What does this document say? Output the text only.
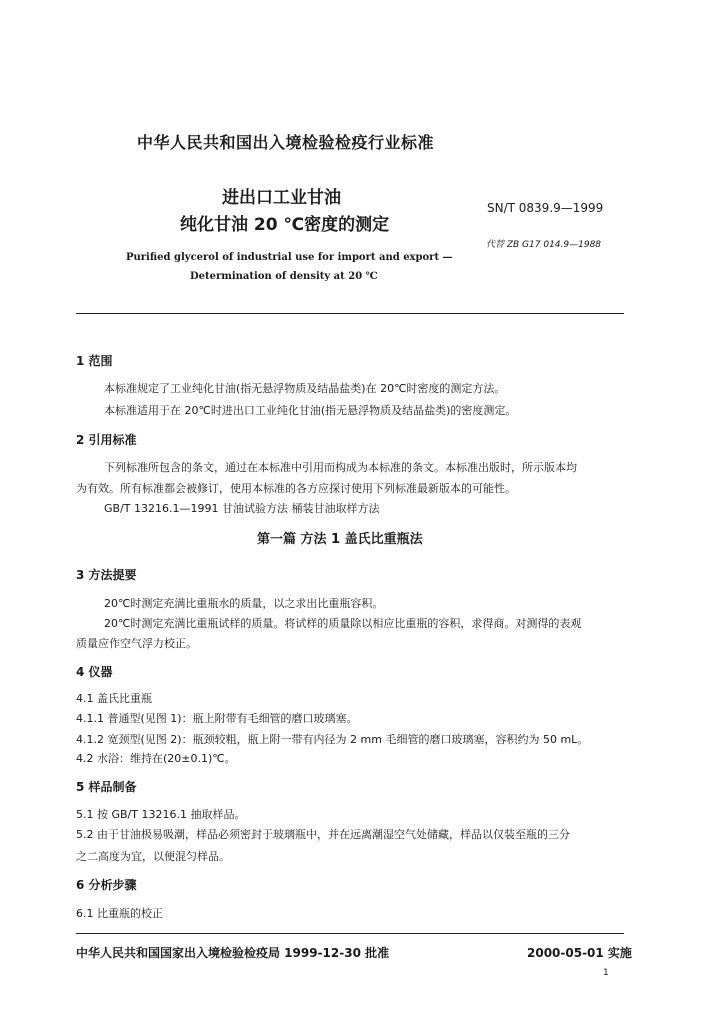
中华人民共和国出入境检验检疫行业标准
进出口工业甘油
纯化甘油 20 ℃密度的测定
SN/T 0839.9—1999
代替 ZB G17 014.9—1988
Purified glycerol of industrial use for import and export —
Determination of density at 20 ℃
1 范围
本标准规定了工业纯化甘油(指无悬浮物质及结晶盐类)在 20℃时密度的测定方法。
本标准适用于在 20℃时进出口工业纯化甘油(指无悬浮物质及结晶盐类)的密度测定。
2 引用标准
下列标准所包含的条文，通过在本标准中引用而构成为本标准的条文。本标准出版时，所示版本均
为有效。所有标准都会被修订，使用本标准的各方应探讨使用下列标准最新版本的可能性。
GB/T 13216.1—1991 甘油试验方法 桶装甘油取样方法
第一篇 方法 1 盖氏比重瓶法
3 方法提要
20℃时测定充满比重瓶水的质量，以之求出比重瓶容积。
20℃时测定充满比重瓶试样的质量。将试样的质量除以相应比重瓶的容积，求得商。对测得的表观
质量应作空气浮力校正。
4 仪器
4.1 盖氏比重瓶
4.1.1 普通型(见图 1)：瓶上附带有毛细管的磨口玻璃塞。
4.1.2 宽颈型(见图 2)：瓶颈较粗，瓶上附一带有内径为 2 mm 毛细管的磨口玻璃塞，容积约为 50 mL。
4.2 水浴：维持在(20±0.1)℃。
5 样品制备
5.1 按 GB/T 13216.1 抽取样品。
5.2 由于甘油极易吸潮，样品必须密封于玻璃瓶中，并在远离潮湿空气处储藏，样品以仅装至瓶的三分
之二高度为宜，以便混匀样品。
6 分析步骤
6.1 比重瓶的校正
中华人民共和国国家出入境检验检疫局 1999-12-30 批准	2000-05-01 实施
1
